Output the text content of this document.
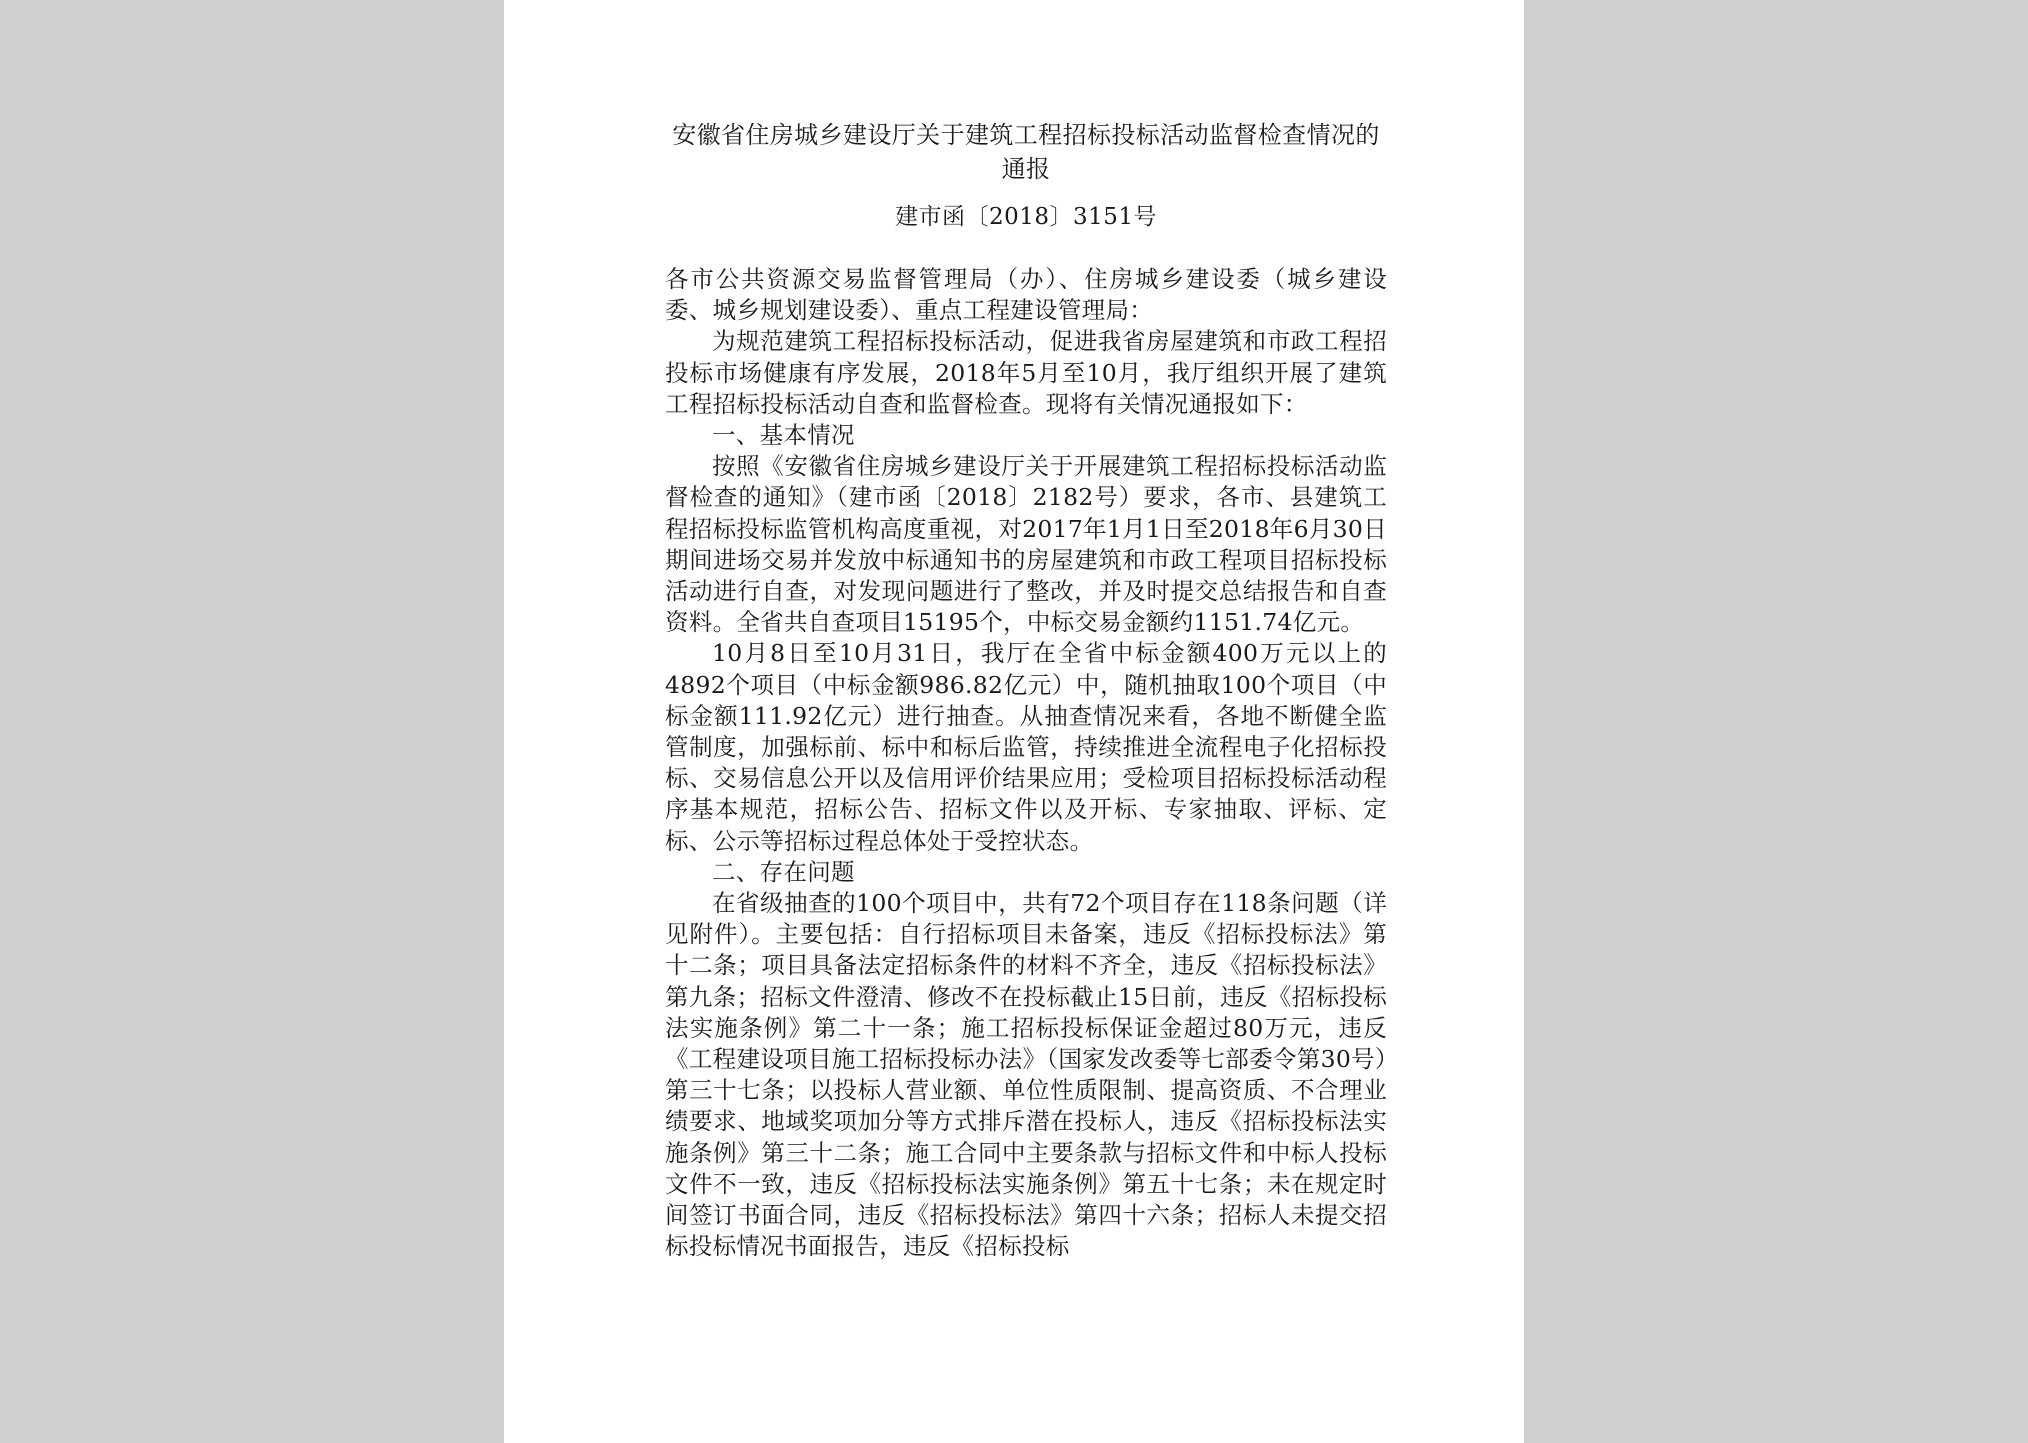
安徽省住房城乡建设厅关于建筑工程招标投标活动监督检查情况的通报
建市函〔2018〕3151号

各市公共资源交易监督管理局（办）、住房城乡建设委（城乡建设委、城乡规划建设委）、重点工程建设管理局：

为规范建筑工程招标投标活动，促进我省房屋建筑和市政工程招投标市场健康有序发展，2018年5月至10月，我厅组织开展了建筑工程招标投标活动自查和监督检查。现将有关情况通报如下：

一、基本情况

按照《安徽省住房城乡建设厅关于开展建筑工程招标投标活动监督检查的通知》（建市函〔2018〕2182号）要求，各市、县建筑工程招标投标监管机构高度重视，对2017年1月1日至2018年6月30日期间进场交易并发放中标通知书的房屋建筑和市政工程项目招标投标活动进行自查，对发现问题进行了整改，并及时提交总结报告和自查资料。全省共自查项目15195个，中标交易金额约1151.74亿元。

10月8日至10月31日，我厅在全省中标金额400万元以上的4892个项目（中标金额986.82亿元）中，随机抽取100个项目（中标金额111.92亿元）进行抽查。从抽查情况来看，各地不断健全监管制度，加强标前、标中和标后监管，持续推进全流程电子化招标投标、交易信息公开以及信用评价结果应用；受检项目招标投标活动程序基本规范，招标公告、招标文件以及开标、专家抽取、评标、定标、公示等招标过程总体处于受控状态。

二、存在问题

在省级抽查的100个项目中，共有72个项目存在118条问题（详见附件）。主要包括：自行招标项目未备案，违反《招标投标法》第十二条；项目具备法定招标条件的材料不齐全，违反《招标投标法》第九条；招标文件澄清、修改不在投标截止15日前，违反《招标投标法实施条例》第二十一条；施工招标投标保证金超过80万元，违反《工程建设项目施工招标投标办法》（国家发改委等七部委令第30号）第三十七条；以投标人营业额、单位性质限制、提高资质、不合理业绩要求、地域奖项加分等方式排斥潜在投标人，违反《招标投标法实施条例》第三十二条；施工合同中主要条款与招标文件和中标人投标文件不一致，违反《招标投标法实施条例》第五十七条；未在规定时间签订书面合同，违反《招标投标法》第四十六条；招标人未提交招标投标情况书面报告，违反《招标投标
